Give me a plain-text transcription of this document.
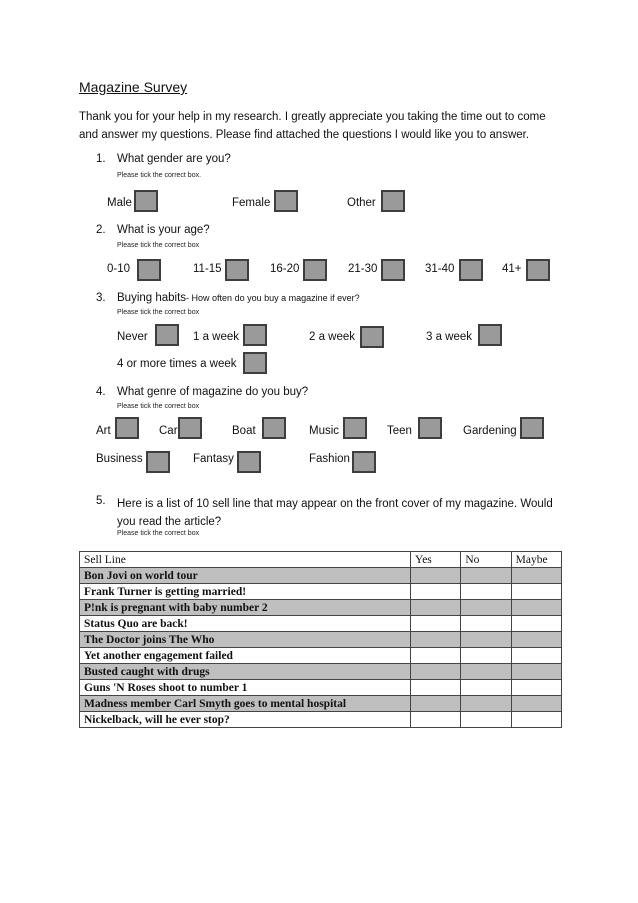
Magazine Survey
Thank you for your help in my research. I greatly appreciate you taking the time out to come and answer my questions. Please find attached the questions I would like you to answer.
1. What gender are you?
Please tick the correct box.
Male	Female	Other
2. What is your age?
Please tick the correct box
0-10	11-15	16-20	21-30	31-40	41+
3. Buying habits- How often do you buy a magazine if ever?
Please tick the correct box
Never	1 a week	2 a week	3 a week
4 or more times a week
4. What genre of magazine do you buy?
Please tick the correct box
Art	Car	Boat	Music	Teen	Gardening
Business	Fantasy	Fashion
5. Here is a list of 10 sell line that may appear on the front cover of my magazine. Would you read the article?
Please tick the correct box
Sell Line	Yes	No	Maybe
Bon Jovi on world tour			
Frank Turner is getting married!			
P!nk is pregnant with baby number 2			
Status Quo are back!			
The Doctor joins The Who			
Yet another engagement failed			
Busted caught with drugs			
Guns 'N Roses shoot to number 1			
Madness member Carl Smyth goes to mental hospital			
Nickelback, will he ever stop?			
